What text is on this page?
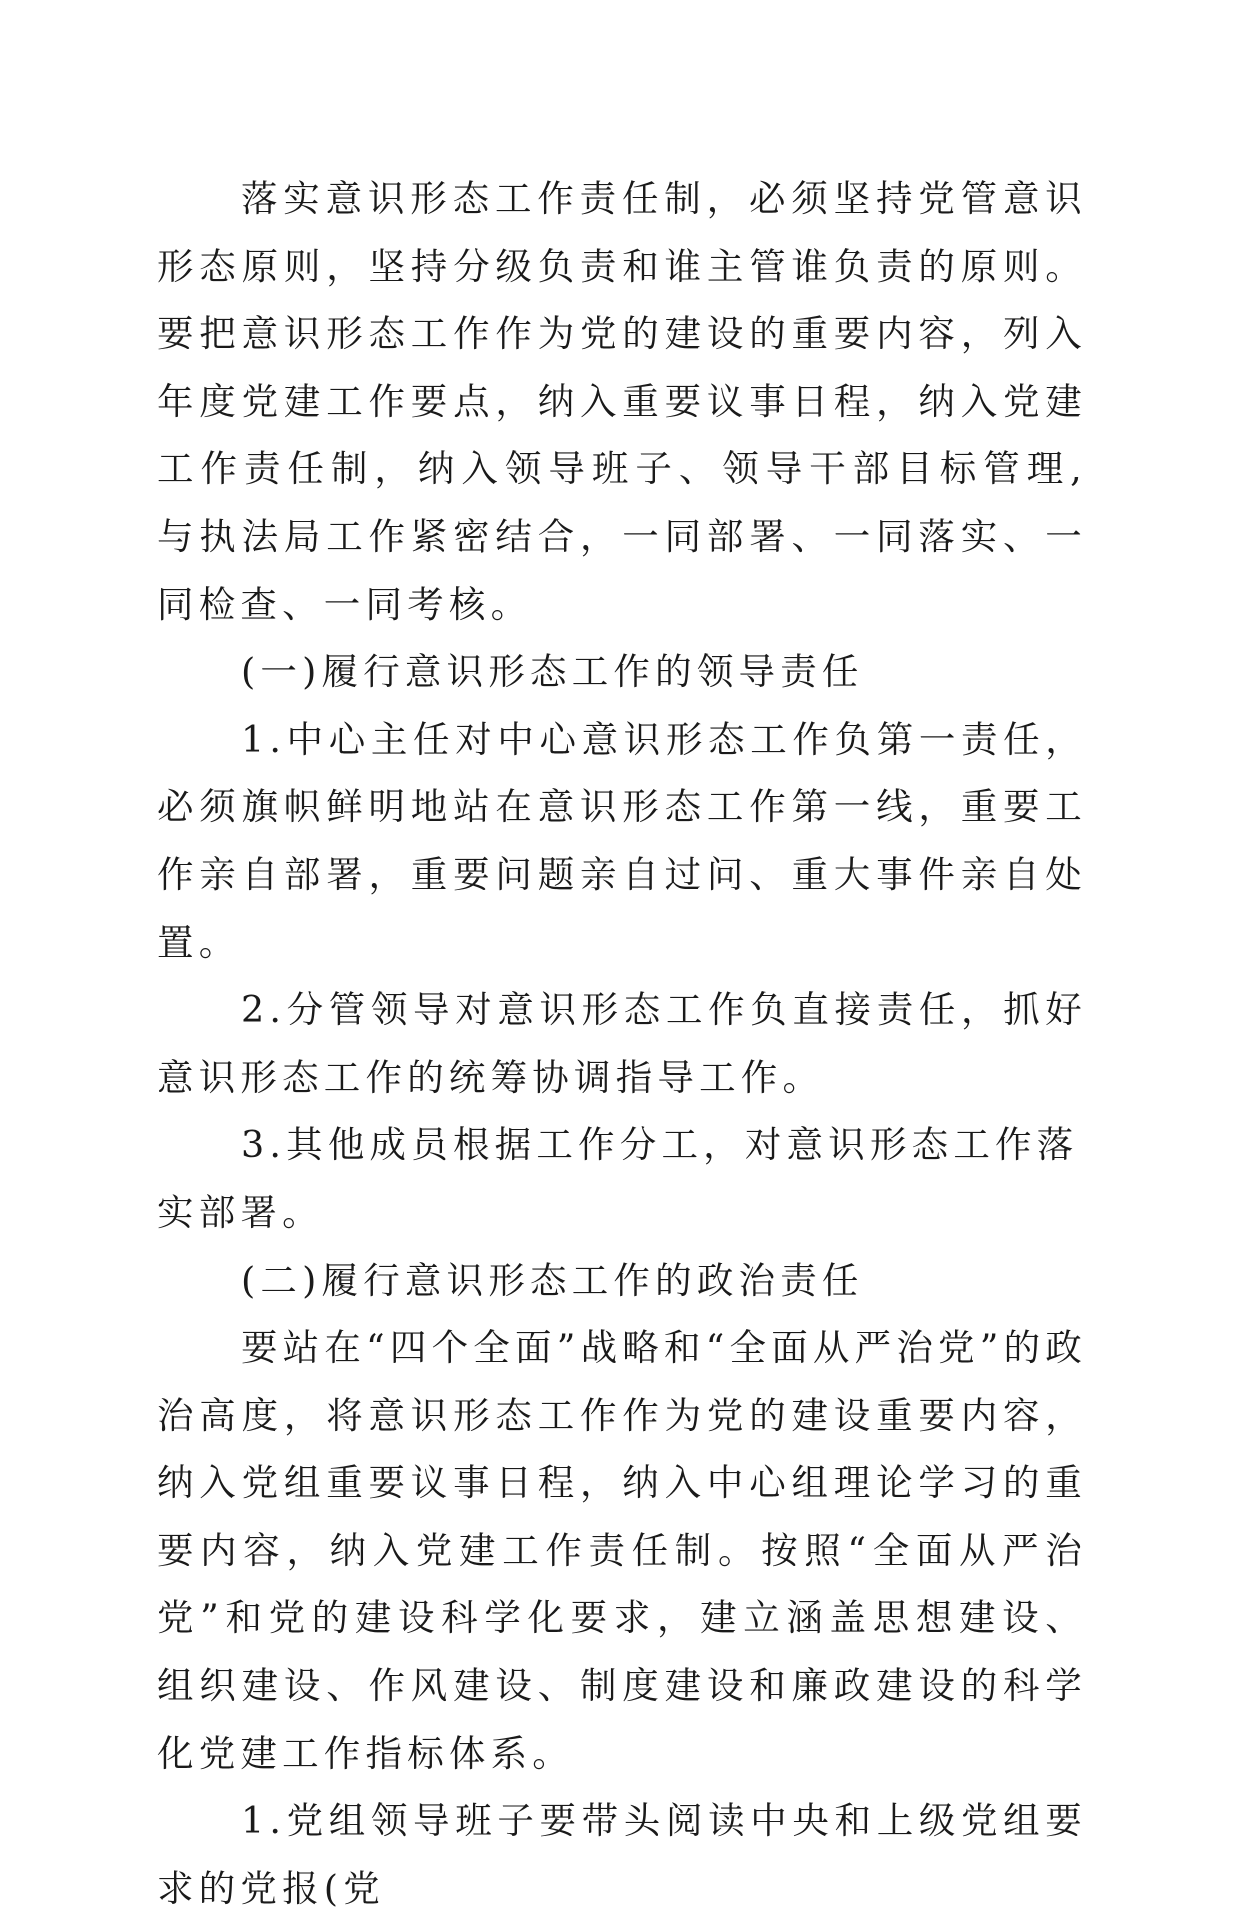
落实意识形态工作责任制，必须坚持党管意识形态原则，坚持分级负责和谁主管谁负责的原则。要把意识形态工作作为党的建设的重要内容，列入年度党建工作要点，纳入重要议事日程，纳入党建工作责任制，纳入领导班子、领导干部目标管理,与执法局工作紧密结合，一同部署、一同落实、一同检查、一同考核。

(一)履行意识形态工作的领导责任

1.中心主任对中心意识形态工作负第一责任，必须旗帜鲜明地站在意识形态工作第一线，重要工作亲自部署，重要问题亲自过问、重大事件亲自处置。

2.分管领导对意识形态工作负直接责任，抓好意识形态工作的统筹协调指导工作。

3.其他成员根据工作分工，对意识形态工作落实部署。

(二)履行意识形态工作的政治责任

要站在“四个全面”战略和“全面从严治党”的政治高度，将意识形态工作作为党的建设重要内容，纳入党组重要议事日程，纳入中心组理论学习的重要内容，纳入党建工作责任制。按照“全面从严治党”和党的建设科学化要求，建立涵盖思想建设、组织建设、作风建设、制度建设和廉政建设的科学化党建工作指标体系。

1.党组领导班子要带头阅读中央和上级党组要求的党报(党
